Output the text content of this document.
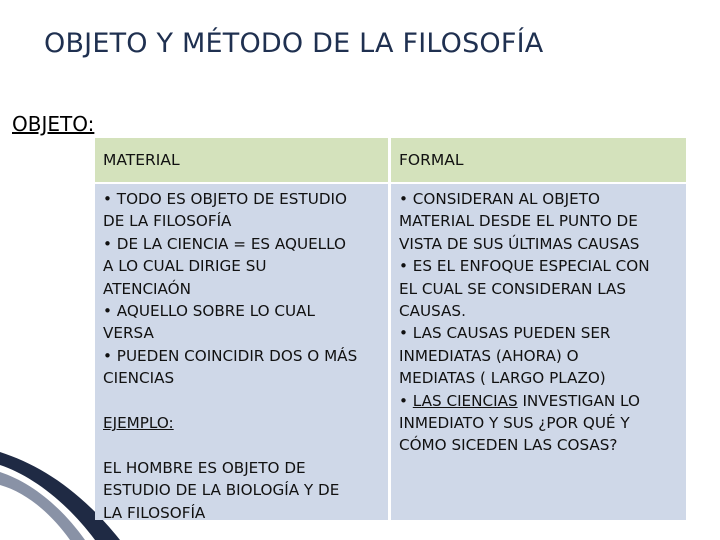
OBJETO Y MÉTODO DE LA FILOSOFÍA
OBJETO:
MATERIAL	FORMAL

• TODO ES OBJETO DE ESTUDIO

DE LA FILOSOFÍA

• DE LA CIENCIA = ES AQUELLO

A LO CUAL DIRIGE SU

ATENCIAÓN

• AQUELLO SOBRE LO CUAL

VERSA

• PUEDEN COINCIDIR DOS O MÁS

CIENCIAS

EJEMPLO:

EL HOMBRE ES OBJETO DE

ESTUDIO DE LA BIOLOGÍA Y DE

LA FILOSOFÍA

• CONSIDERAN AL OBJETO

MATERIAL DESDE EL PUNTO DE

VISTA DE SUS ÚLTIMAS CAUSAS

• ES EL ENFOQUE ESPECIAL CON

EL CUAL SE CONSIDERAN LAS

CAUSAS.

• LAS CAUSAS PUEDEN SER

INMEDIATAS (AHORA) O

MEDIATAS ( LARGO PLAZO)

• LAS CIENCIAS INVESTIGAN LO

INMEDIATO Y SUS ¿POR QUÉ Y

CÓMO SICEDEN LAS COSAS?
